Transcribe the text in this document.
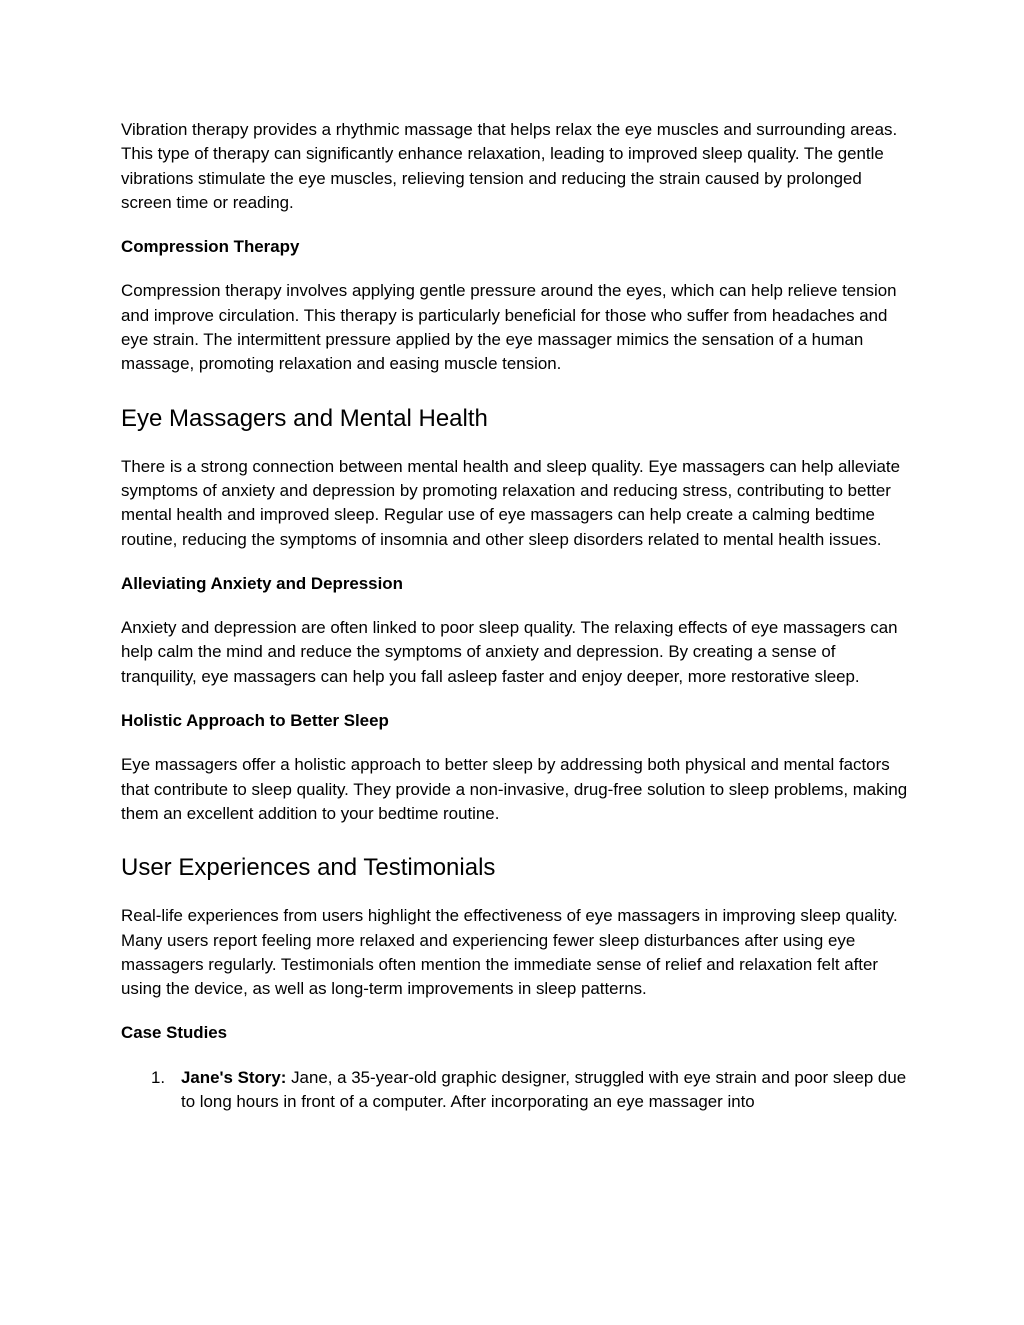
Vibration therapy provides a rhythmic massage that helps relax the eye muscles and surrounding areas. This type of therapy can significantly enhance relaxation, leading to improved sleep quality. The gentle vibrations stimulate the eye muscles, relieving tension and reducing the strain caused by prolonged screen time or reading.

Compression Therapy

Compression therapy involves applying gentle pressure around the eyes, which can help relieve tension and improve circulation. This therapy is particularly beneficial for those who suffer from headaches and eye strain. The intermittent pressure applied by the eye massager mimics the sensation of a human massage, promoting relaxation and easing muscle tension.

Eye Massagers and Mental Health

There is a strong connection between mental health and sleep quality. Eye massagers can help alleviate symptoms of anxiety and depression by promoting relaxation and reducing stress, contributing to better mental health and improved sleep. Regular use of eye massagers can help create a calming bedtime routine, reducing the symptoms of insomnia and other sleep disorders related to mental health issues.

Alleviating Anxiety and Depression

Anxiety and depression are often linked to poor sleep quality. The relaxing effects of eye massagers can help calm the mind and reduce the symptoms of anxiety and depression. By creating a sense of tranquility, eye massagers can help you fall asleep faster and enjoy deeper, more restorative sleep.

Holistic Approach to Better Sleep

Eye massagers offer a holistic approach to better sleep by addressing both physical and mental factors that contribute to sleep quality. They provide a non-invasive, drug-free solution to sleep problems, making them an excellent addition to your bedtime routine.

User Experiences and Testimonials

Real-life experiences from users highlight the effectiveness of eye massagers in improving sleep quality. Many users report feeling more relaxed and experiencing fewer sleep disturbances after using eye massagers regularly. Testimonials often mention the immediate sense of relief and relaxation felt after using the device, as well as long-term improvements in sleep patterns.

Case Studies
1. Jane's Story: Jane, a 35-year-old graphic designer, struggled with eye strain and poor sleep due to long hours in front of a computer. After incorporating an eye massager into
